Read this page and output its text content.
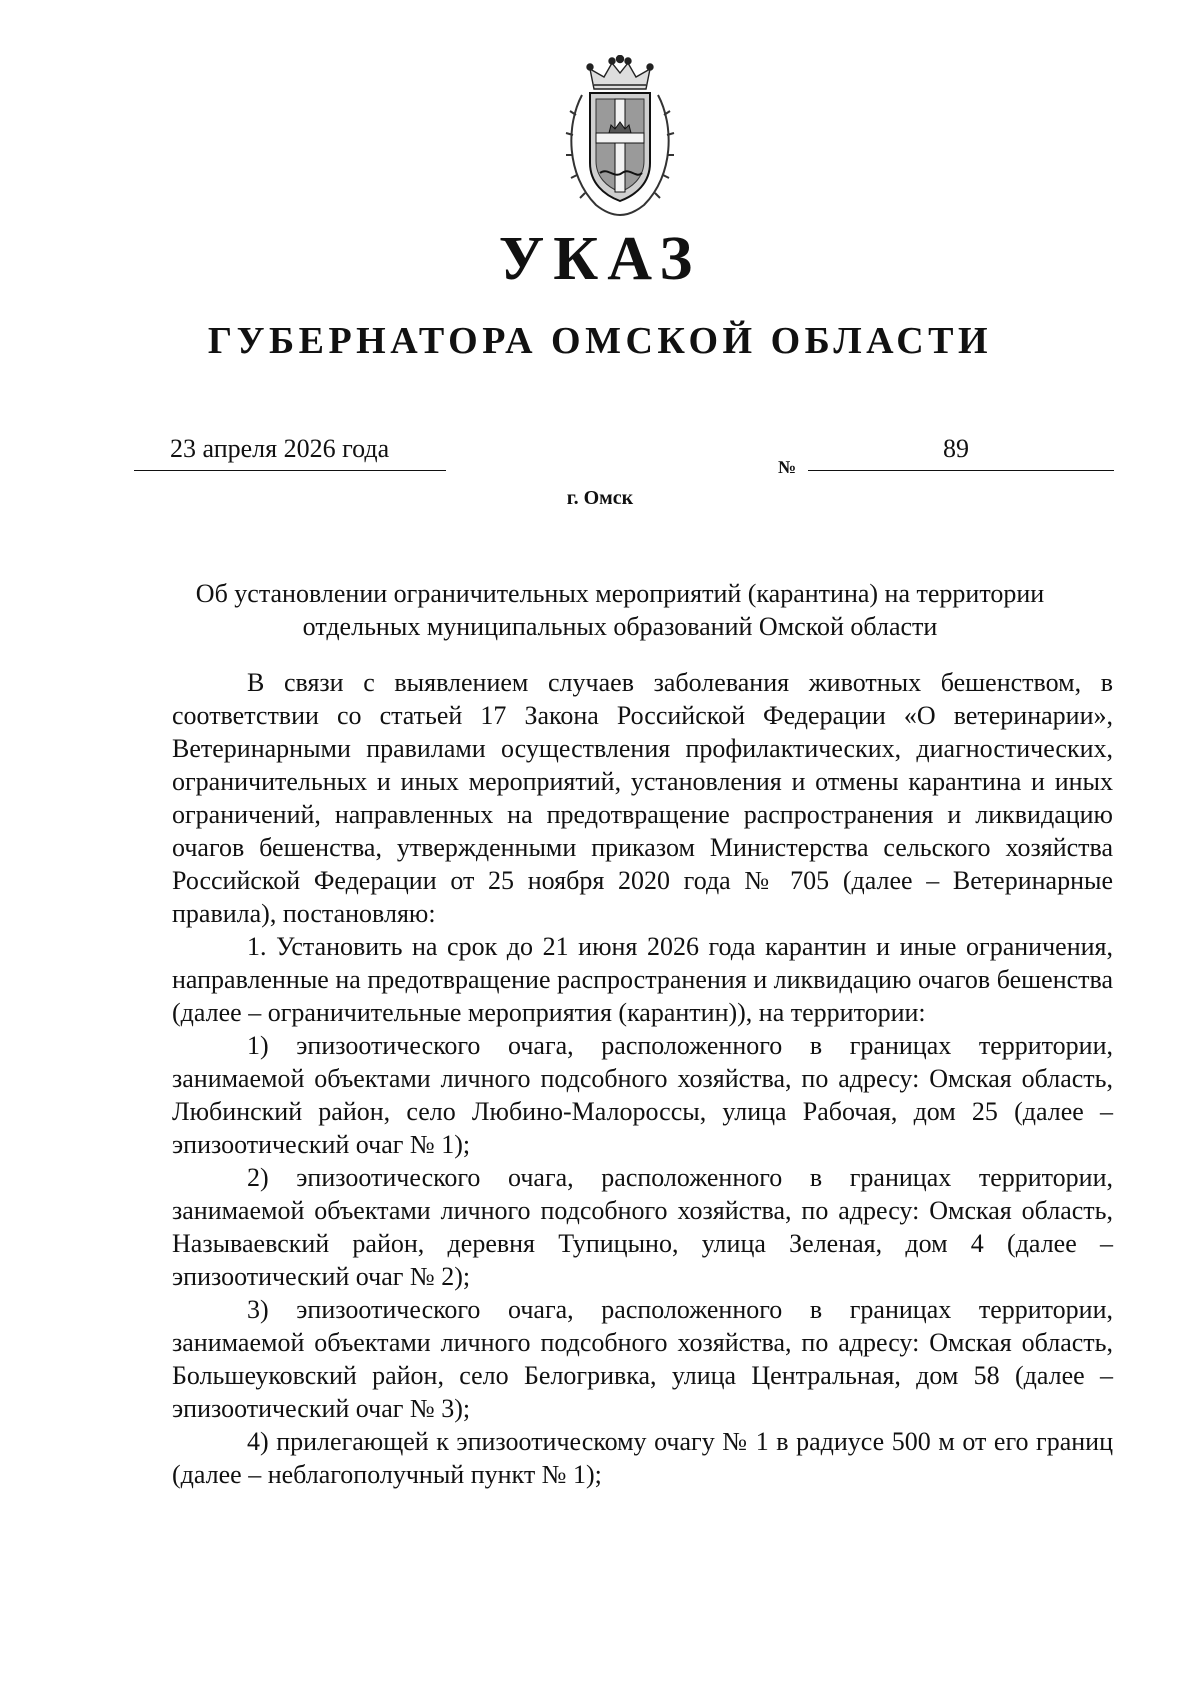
УКАЗ
ГУБЕРНАТОРА ОМСКОЙ ОБЛАСТИ
23 апреля 2026 года
№
89
г. Омск
Об установлении ограничительных мероприятий (карантина) на территории
отдельных муниципальных образований Омской области

В связи с выявлением случаев заболевания животных бешенством, в соответствии со статьей 17 Закона Российской Федерации «О ветеринарии», Ветеринарными правилами осуществления профилактических, диагностических, ограничительных и иных мероприятий, установления и отмены карантина и иных ограничений, направленных на предотвращение распространения и ликвидацию очагов бешенства, утвержденными приказом Министерства сельского хозяйства Российской Федерации от 25 ноября 2020 года № 705 (далее – Ветеринарные правила), постановляю:

1. Установить на срок до 21 июня 2026 года карантин и иные ограничения, направленные на предотвращение распространения и ликвидацию очагов бешенства (далее – ограничительные мероприятия (карантин)), на территории:

1) эпизоотического очага, расположенного в границах территории, занимаемой объектами личного подсобного хозяйства, по адресу: Омская область, Любинский район, село Любино-Малороссы, улица Рабочая, дом 25 (далее – эпизоотический очаг № 1);

2) эпизоотического очага, расположенного в границах территории, занимаемой объектами личного подсобного хозяйства, по адресу: Омская область, Называевский район, деревня Тупицыно, улица Зеленая, дом 4 (далее – эпизоотический очаг № 2);

3) эпизоотического очага, расположенного в границах территории, занимаемой объектами личного подсобного хозяйства, по адресу: Омская область, Большеуковский район, село Белогривка, улица Центральная, дом 58 (далее – эпизоотический очаг № 3);

4) прилегающей к эпизоотическому очагу № 1 в радиусе 500 м от его границ (далее – неблагополучный пункт № 1);
